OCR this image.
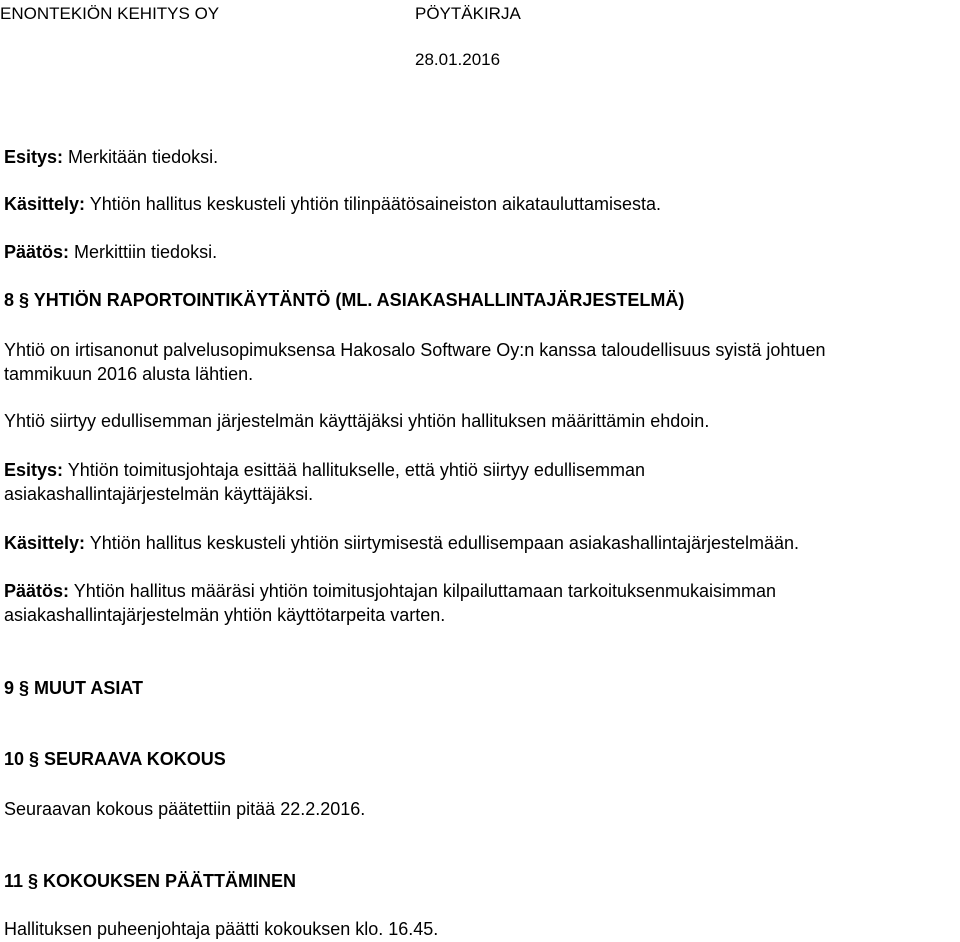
ENONTEKIÖN KEHITYS OY	PÖYTÄKIRJA
28.01.2016

Esitys: Merkitään tiedoksi.

Käsittely: Yhtiön hallitus keskusteli yhtiön tilinpäätösaineiston aikatauluttamisesta.

Päätös: Merkittiin tiedoksi.

8 § YHTIÖN RAPORTOINTIKÄYTÄNTÖ (ML. ASIAKASHALLINTAJÄRJESTELMÄ)

Yhtiö on irtisanonut palvelusopimuksensa Hakosalo Software Oy:n kanssa taloudellisuus syistä johtuen

tammikuun 2016 alusta lähtien.

Yhtiö siirtyy edullisemman järjestelmän käyttäjäksi yhtiön hallituksen määrittämin ehdoin.

Esitys: Yhtiön toimitusjohtaja esittää hallitukselle, että yhtiö siirtyy edullisemman

asiakashallintajärjestelmän käyttäjäksi.

Käsittely: Yhtiön hallitus keskusteli yhtiön siirtymisestä edullisempaan asiakashallintajärjestelmään.

Päätös: Yhtiön hallitus määräsi yhtiön toimitusjohtajan kilpailuttamaan tarkoituksenmukaisimman

asiakashallintajärjestelmän yhtiön käyttötarpeita varten.

9 § MUUT ASIAT

10 § SEURAAVA KOKOUS

Seuraavan kokous päätettiin pitää 22.2.2016.

11 § KOKOUKSEN PÄÄTTÄMINEN

Hallituksen puheenjohtaja päätti kokouksen klo. 16.45.
